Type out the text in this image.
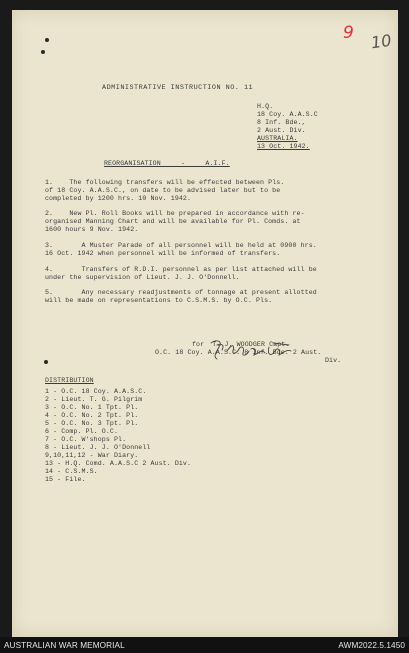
9 10
ADMINISTRATIVE INSTRUCTION NO. 11
H.Q.
18 Coy. A.A.S.C
8 Inf. Bde.,
2 Aust. Div.
AUSTRALIA.
13 Oct. 1942.
REORGANISATION     -     A.I.F.
1.    The following transfers will be effected between Pls.
of 18 Coy. A.A.S.C., on date to be advised later but to be
completed by 1200 hrs. 10 Nov. 1942.
2.    New Pl. Roll Books will be prepared in accordance with re-
organised Manning Chart and will be available for Pl. Comds. at
1600 hours 9 Nov. 1942.
3.       A Muster Parade of all personnel will be held at 0900 hrs.
16 Oct. 1942 when personnel will be informed of transfers.
4.       Transfers of R.D.I. personnel as per list attached will be
under the supervision of Lieut. J. J. O'Donnell.
5.       Any necessary readjustments of tonnage at present allotted
will be made on representations to C.S.M.S. by O.C. Pls.
for  T. J. WOODGER Capt.
O.C. 18 Coy. A.A.S.C. 8 Inf. Bde. 2 Aust.
Div.
DISTRIBUTION
1 - O.C. 18 Coy. A.A.S.C.
2 - Lieut. T. G. Pilgrim
3 - O.C. No. 1 Tpt. Pl.
4 - O.C. No. 2 Tpt. Pl.
5 - O.C. No. 3 Tpt. Pl.
6 - Comp. Pl. O.C.
7 - O.C. W'shops Pl.
8 - Lieut. J. J. O'Donnell
9,10,11,12 - War Diary.
13 - H.Q. Comd. A.A.S.C 2 Aust. Div.
14 - C.S.M.S.
15 - File.
AUSTRALIAN WAR MEMORIAL	AWM2022.5.1450
